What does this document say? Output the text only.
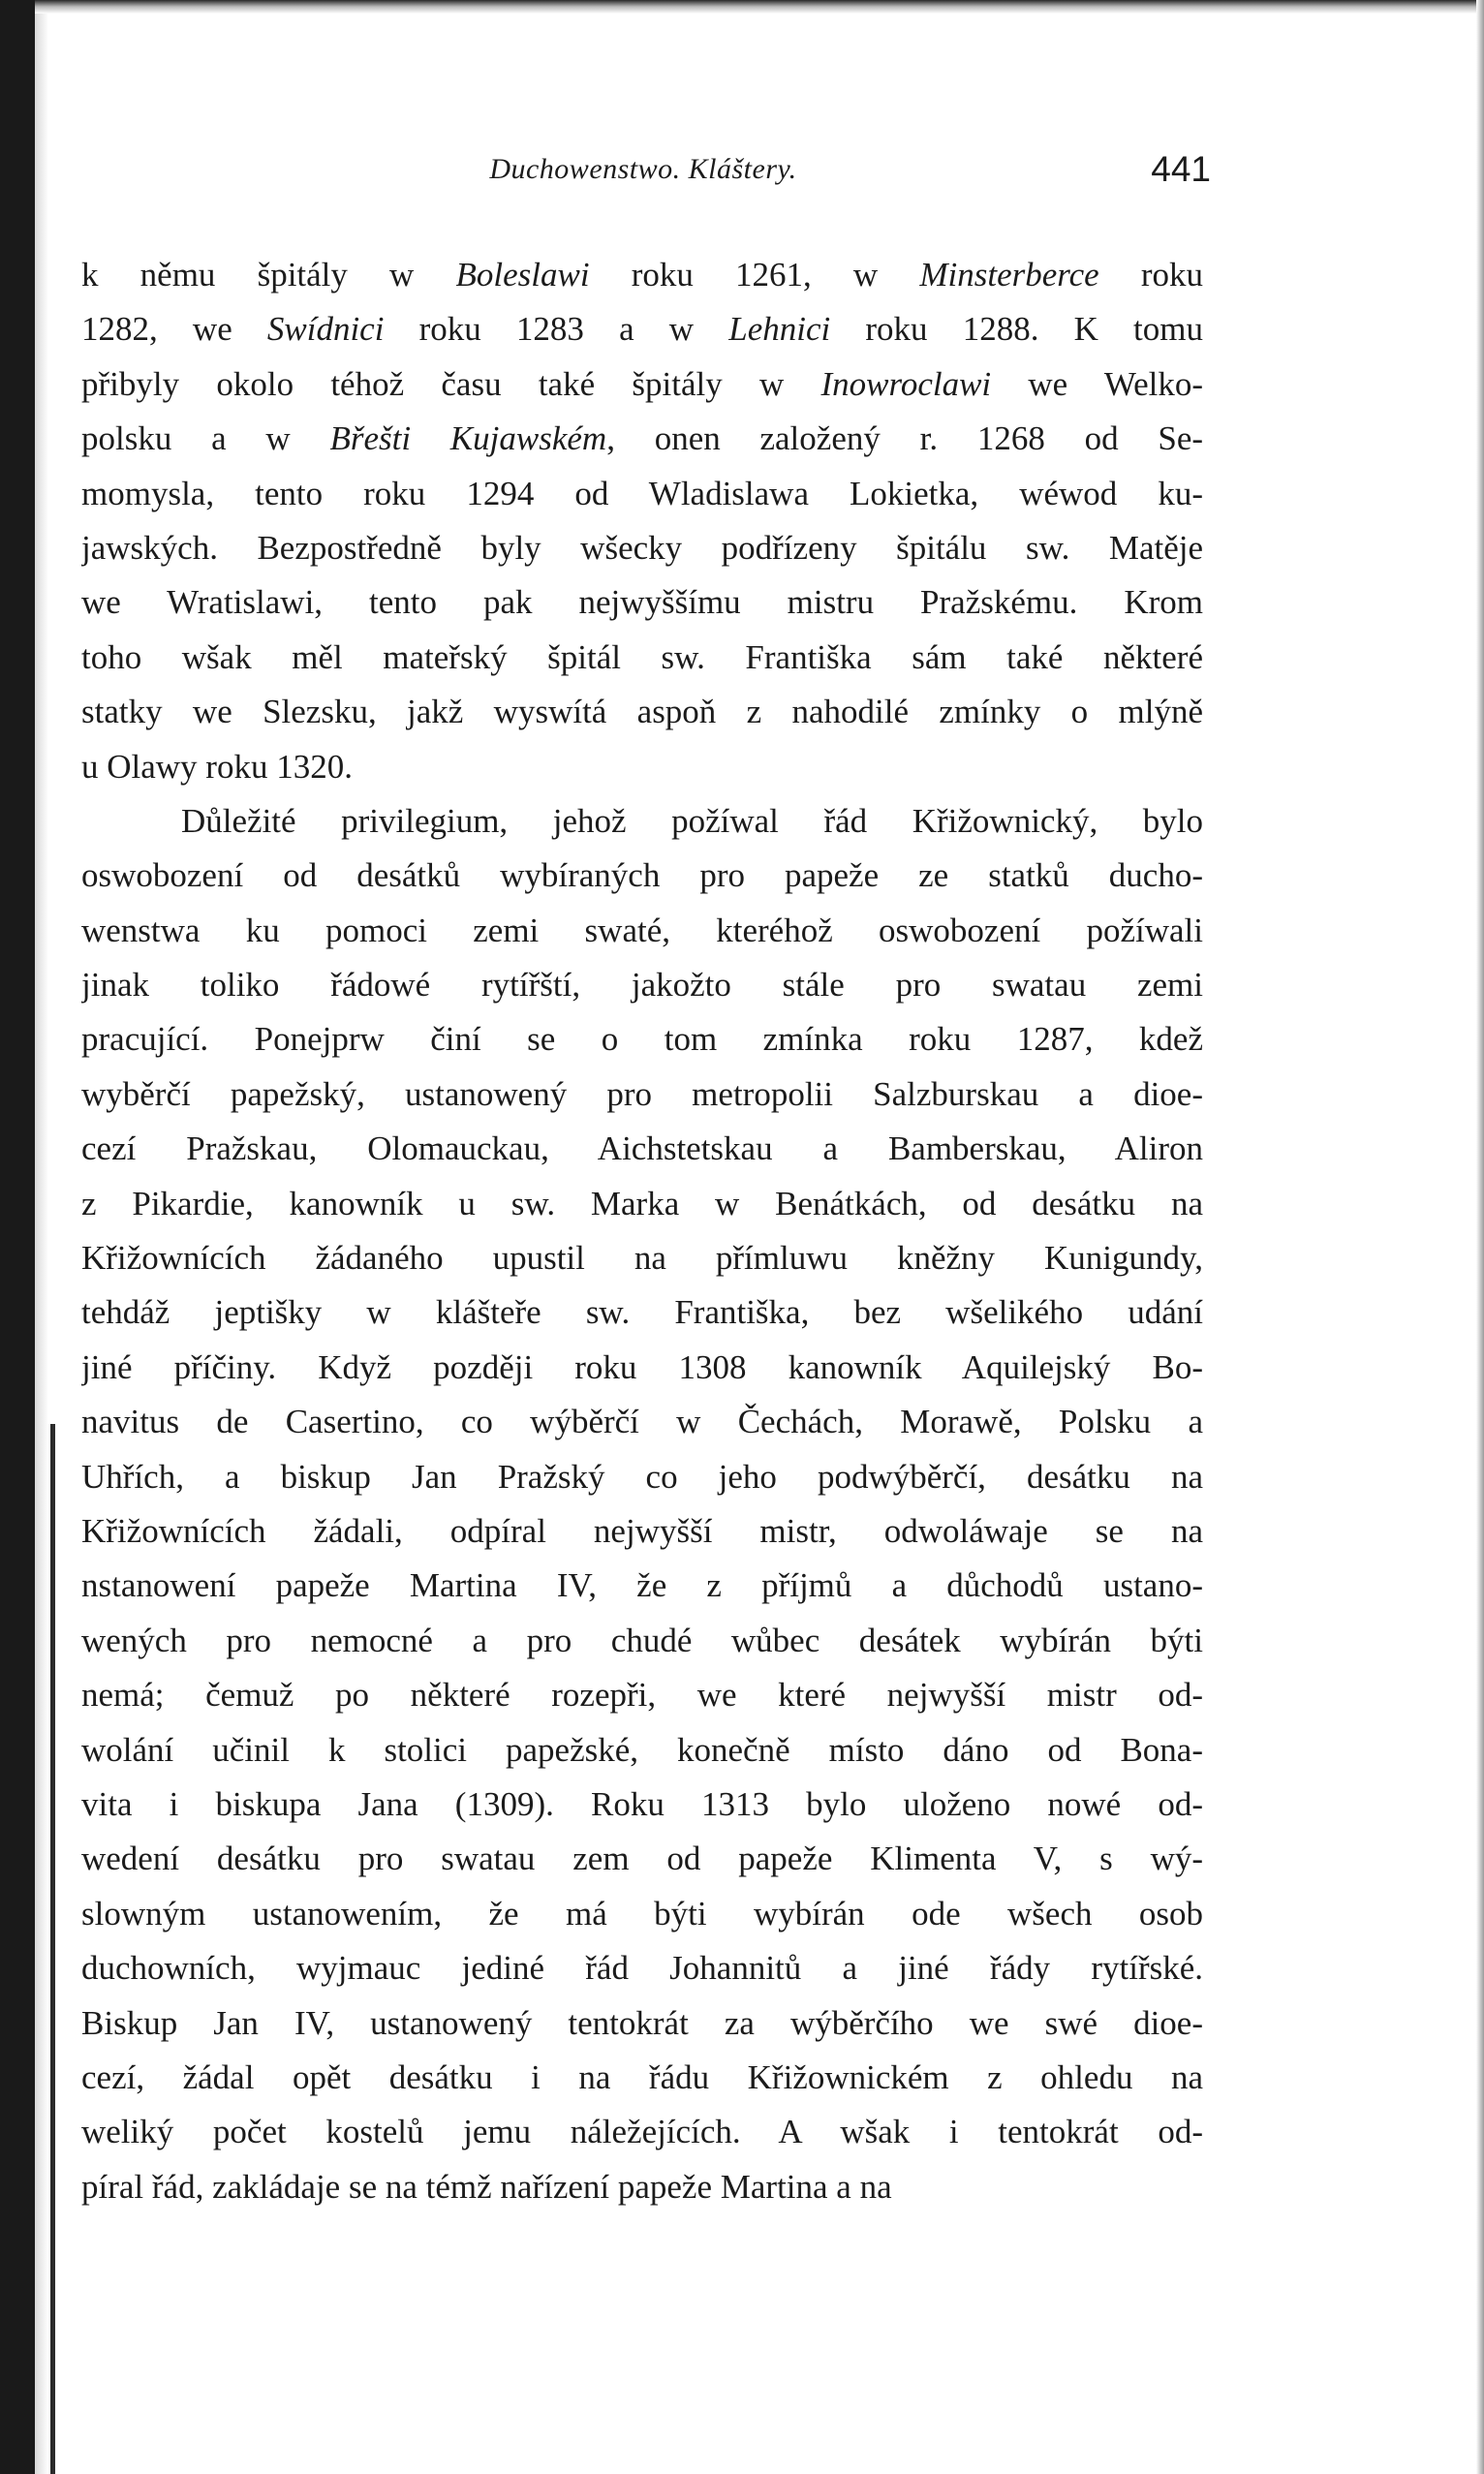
Duchowenstwo. Kláštery.	441
k němu špitály w Boleslawi roku 1261, w Minsterberce roku
1282, we Swídnici roku 1283 a w Lehnici roku 1288. K tomu
přibyly okolo téhož času také špitály w Inowroclawi we Welko-
polsku a w Břešti Kujawském, onen založený r. 1268 od Se-
momysla, tento roku 1294 od Wladislawa Lokietka, wéwod ku-
jawských. Bezpostředně byly wšecky podřízeny špitálu sw. Matěje
we Wratislawi, tento pak nejwyššímu mistru Pražskému. Krom
toho wšak měl mateřský špitál sw. Františka sám také některé
statky we Slezsku, jakž wyswítá aspoň z nahodilé zmínky o mlýně
u Olawy roku 1320.
Důležité privilegium, jehož požíwal řád Křižownický, bylo
oswobození od desátků wybíraných pro papeže ze statků ducho-
wenstwa ku pomoci zemi swaté, kteréhož oswobození požíwali
jinak toliko řádowé rytířští, jakožto stále pro swatau zemi
pracující. Ponejprw činí se o tom zmínka roku 1287, kdež
wyběrčí papežský, ustanowený pro metropolii Salzburskau a dioe-
cezí Pražskau, Olomauckau, Aichstetskau a Bamberskau, Aliron
z Pikardie, kanowník u sw. Marka w Benátkách, od desátku na
Křižownících žádaného upustil na přímluwu kněžny Kunigundy,
tehdáž jeptišky w klášteře sw. Františka, bez wšelikého udání
jiné příčiny. Když později roku 1308 kanowník Aquilejský Bo-
navitus de Casertino, co wýběrčí w Čechách, Morawě, Polsku a
Uhřích, a biskup Jan Pražský co jeho podwýběrčí, desátku na
Křižownících žádali, odpíral nejwyšší mistr, odwoláwaje se na
nstanowení papeže Martina IV, že z příjmů a důchodů ustano-
wených pro nemocné a pro chudé wůbec desátek wybírán býti
nemá; čemuž po některé rozepři, we které nejwyšší mistr od-
wolání učinil k stolici papežské, konečně místo dáno od Bona-
vita i biskupa Jana (1309). Roku 1313 bylo uloženo nowé od-
wedení desátku pro swatau zem od papeže Klimenta V, s wý-
slowným ustanowením, že má býti wybírán ode wšech osob
duchowních, wyjmauc jediné řád Johannitů a jiné řády rytířské.
Biskup Jan IV, ustanowený tentokrát za wýběrčího we swé dioe-
cezí, žádal opět desátku i na řádu Křižownickém z ohledu na
weliký počet kostelů jemu náležejících. A wšak i tentokrát od-
píral řád, zakládaje se na témž nařízení papeže Martina a na
